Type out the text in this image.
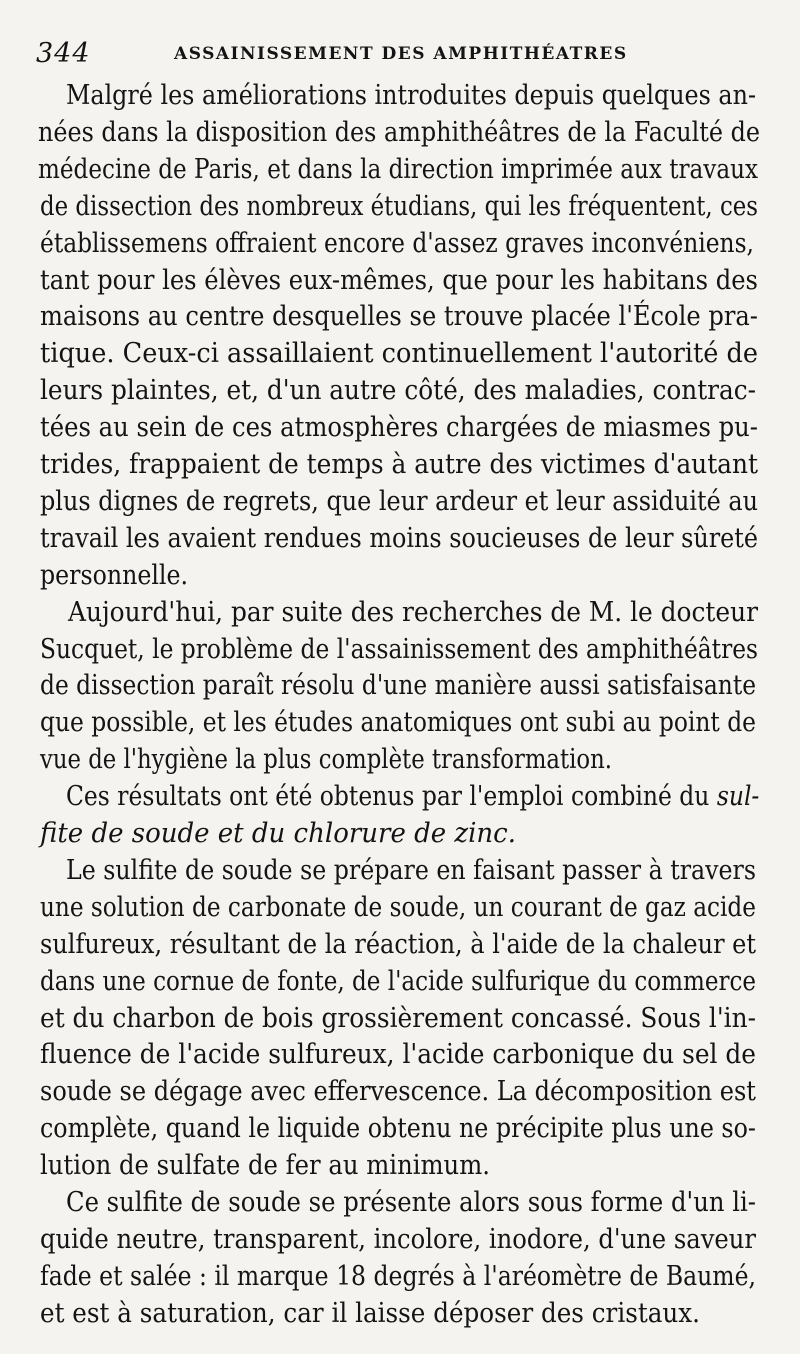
344	ASSAINISSEMENT DES AMPHITHÉATRES
Malgré les améliorations introduites depuis quelques an-
nées dans la disposition des amphithéâtres de la Faculté de
médecine de Paris, et dans la direction imprimée aux travaux
de dissection des nombreux étudians, qui les fréquentent, ces
établissemens offraient encore d'assez graves inconvéniens,
tant pour les élèves eux-mêmes, que pour les habitans des
maisons au centre desquelles se trouve placée l'École pra-
tique. Ceux-ci assaillaient continuellement l'autorité de
leurs plaintes, et, d'un autre côté, des maladies, contrac-
tées au sein de ces atmosphères chargées de miasmes pu-
trides, frappaient de temps à autre des victimes d'autant
plus dignes de regrets, que leur ardeur et leur assiduité au
travail les avaient rendues moins soucieuses de leur sûreté
personnelle.
Aujourd'hui, par suite des recherches de M. le docteur
Sucquet, le problème de l'assainissement des amphithéâtres
de dissection paraît résolu d'une manière aussi satisfaisante
que possible, et les études anatomiques ont subi au point de
vue de l'hygiène la plus complète transformation.
Ces résultats ont été obtenus par l'emploi combiné du sul-
fite de soude et du chlorure de zinc.
Le sulfite de soude se prépare en faisant passer à travers
une solution de carbonate de soude, un courant de gaz acide
sulfureux, résultant de la réaction, à l'aide de la chaleur et
dans une cornue de fonte, de l'acide sulfurique du commerce
et du charbon de bois grossièrement concassé. Sous l'in-
fluence de l'acide sulfureux, l'acide carbonique du sel de
soude se dégage avec effervescence. La décomposition est
complète, quand le liquide obtenu ne précipite plus une so-
lution de sulfate de fer au minimum.
Ce sulfite de soude se présente alors sous forme d'un li-
quide neutre, transparent, incolore, inodore, d'une saveur
fade et salée : il marque 18 degrés à l'aréomètre de Baumé,
et est à saturation, car il laisse déposer des cristaux.
